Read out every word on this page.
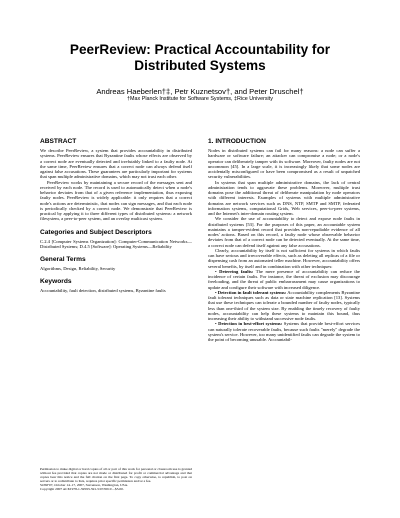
PeerReview: Practical Accountability for
Distributed Systems
Andreas Haeberlen†‡, Petr Kuznetsov†, and Peter Druschel†
†Max Planck Institute for Software Systems, ‡Rice University
ABSTRACT

We describe PeerReview, a system that provides accountability in distributed systems. PeerReview ensures that Byzantine faults whose effects are observed by a correct node are eventually detected and irrefutably linked to a faulty node. At the same time, PeerReview ensures that a correct node can always defend itself against false accusations. These guarantees are particularly important for systems that span multiple administrative domains, which may not trust each other.

PeerReview works by maintaining a secure record of the messages sent and received by each node. The record is used to automatically detect when a node's behavior deviates from that of a given reference implementation, thus exposing faulty nodes. PeerReview is widely applicable: it only requires that a correct node's actions are deterministic, that nodes can sign messages, and that each node is periodically checked by a correct node. We demonstrate that PeerReview is practical by applying it to three different types of distributed systems: a network filesystem, a peer-to-peer system, and an overlay multicast system.

Categories and Subject Descriptors

C.2.4 [Computer Systems Organization]: Computer-Communication Networks—Distributed Systems; D.4.5 [Software]: Operating Systems—Reliability

General Terms

Algorithms, Design, Reliability, Security

Keywords

Accountability, fault detection, distributed systems, Byzantine faults

Permission to make digital or hard copies of all or part of this work for personal or classroom use is granted without fee provided that copies are not made or distributed for profit or commercial advantage and that copies bear this notice and the full citation on the first page. To copy otherwise, to republish, to post on servers or to redistribute to lists, requires prior specific permission and/or a fee.
SOSP'07, October 14–17, 2007, Stevenson, Washington, USA.
Copyright 2007 ACM 978-1-59593-591-5/07/0010 ...$5.00.
1. INTRODUCTION

Nodes in distributed systems can fail for many reasons: a node can suffer a hardware or software failure; an attacker can compromise a node; or a node's operator can deliberately tamper with its software. Moreover, faulty nodes are not uncommon [45]. In a large scale, it is increasingly likely that some nodes are accidentally misconfigured or have been compromised as a result of unpatched security vulnerabilities.

In systems that span multiple administrative domains, the lack of central administration tends to aggravate these problems. Moreover, multiple trust domains pose the additional threat of deliberate manipulation by node operators with different interests. Examples of systems with multiple administrative domains are network services such as DNS, NTP, SMTP and SMTP, federated information systems, computational Grids, Web services, peer-to-peer systems, and the Internet's inter-domain routing system.

We consider the use of accountability to detect and expose node faults in distributed systems [53]. For the purposes of this paper, an accountable system maintains a tamper-evident record that provides non-repudiable evidence of all nodes' actions. Based on this record, a faulty node whose observable behavior deviates from that of a correct node can be detected eventually. At the same time, a correct node can defend itself against any false accusations.

Clearly, accountability by itself is not sufficient for systems in which faults can have serious and irrecoverable effects, such as deleting all replicas of a file or dispensing cash from an automated teller machine. However, accountability offers several benefits, by itself and in combination with other techniques:

• Deterring faults: The mere presence of accountability can reduce the incidence of certain faults. For instance, the threat of exclusion may discourage freeloading, and the threat of public embarrassment may cause organizations to update and configure their software with increased diligence.

• Detection in fault tolerant systems: Accountability complements Byzantine fault tolerant techniques such as data or state machine replication [13]. Systems that use these techniques can tolerate a bounded number of faulty nodes, typically less than one-third of the system size. By enabling the timely recovery of faulty nodes, accountability can help these systems to maintain this bound, thus increasing their ability to withstand successive node faults.

• Detection in best-effort systems: Systems that provide best-effort services can naturally tolerate recoverable faults, because such faults "merely" degrade the system's service. However, too many unidentified faults can degrade the system to the point of becoming unusable. Accountabil-
